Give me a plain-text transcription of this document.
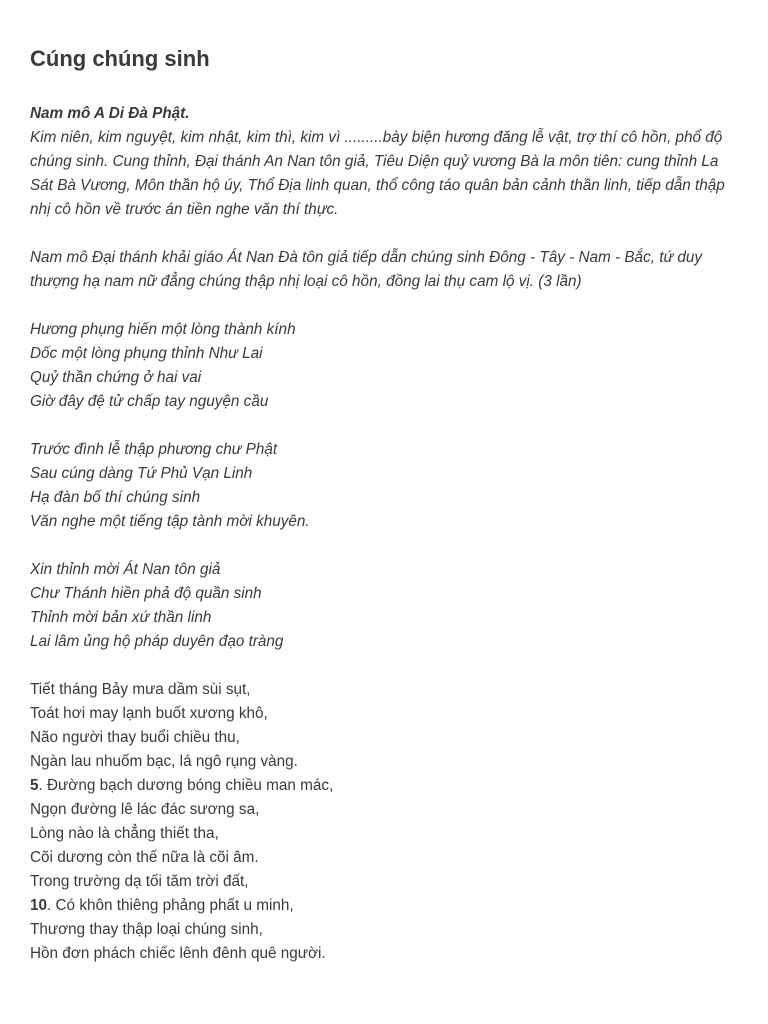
Cúng chúng sinh
Nam mô A Di Đà Phật.
Kim niên, kim nguyệt, kim nhật, kim thì, kim vì .........bày biện hương đăng lễ vật, trợ thí cô hồn, phổ độ chúng sinh. Cung thỉnh, Đại thánh An Nan tôn giả, Tiêu Diện quỷ vương Bà la môn tiên: cung thỉnh La Sát Bà Vương, Môn thần hộ úy, Thổ Địa linh quan, thổ công táo quân bản cảnh thần linh, tiếp dẫn thập nhị cô hồn về trước án tiền nghe văn thí thực.
Nam mô Đại thánh khải giáo Át Nan Đà tôn giả tiếp dẫn chúng sinh Đông - Tây - Nam - Bắc, tứ duy thượng hạ nam nữ đẳng chúng thập nhị loại cô hồn, đồng lai thụ cam lộ vị. (3 lần)
Hương phụng hiến một lòng thành kính
Dốc một lòng phụng thỉnh Như Lai
Quỷ thần chứng ở hai vai
Giờ đây đệ tử chấp tay nguyện cầu
Trước đình lễ thập phương chư Phật
Sau cúng dàng Tứ Phủ Vạn Linh
Hạ đàn bố thí chúng sinh
Văn nghe một tiếng tập tành mời khuyên.
Xin thỉnh mời Át Nan tôn giả
Chư Thánh hiền phả độ quần sinh
Thỉnh mời bản xứ thần linh
Lai lâm ủng hộ pháp duyên đạo tràng
Tiết tháng Bảy mưa dầm sùi sụt,
Toát hơi may lạnh buốt xương khô,
Não người thay buổi chiều thu,
Ngàn lau nhuốm bạc, lá ngô rụng vàng.
5. Đường bạch dương bóng chiều man mác,
Ngọn đường lê lác đác sương sa,
Lòng nào là chẳng thiết tha,
Cõi dương còn thế nữa là cõi âm.
Trong trường dạ tối tăm trời đất,
10. Có khôn thiêng phảng phất u minh,
Thương thay thập loại chúng sinh,
Hồn đơn phách chiếc lênh đênh quê người.
